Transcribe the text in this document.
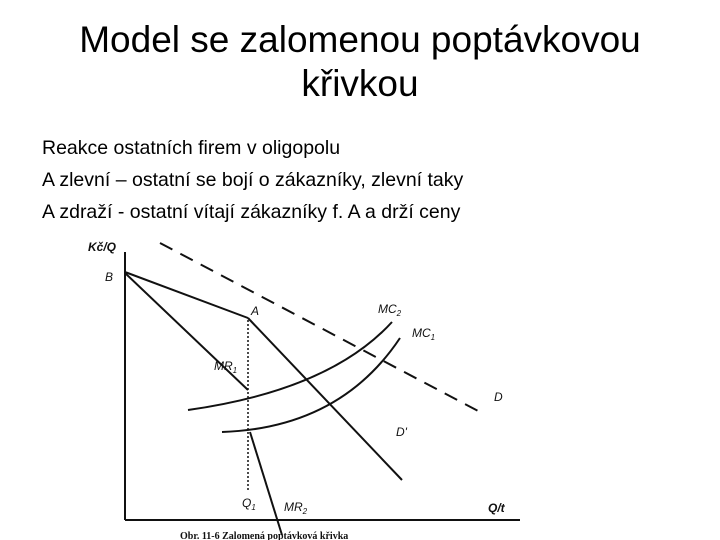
Model se zalomenou poptávkovou
křivkou
Reakce ostatních firem v oligopolu
A zlevní – ostatní se bojí o zákazníky, zlevní taky
A zdraží - ostatní vítají zákazníky f. A a drží ceny
Kč/Q
B
A	$MC_2$
$MC_1$
$MR_1$
D
D'
$Q_1$ $MR_2$	Q/t
Obr. 11-6 Zalomená poptávková křivka
